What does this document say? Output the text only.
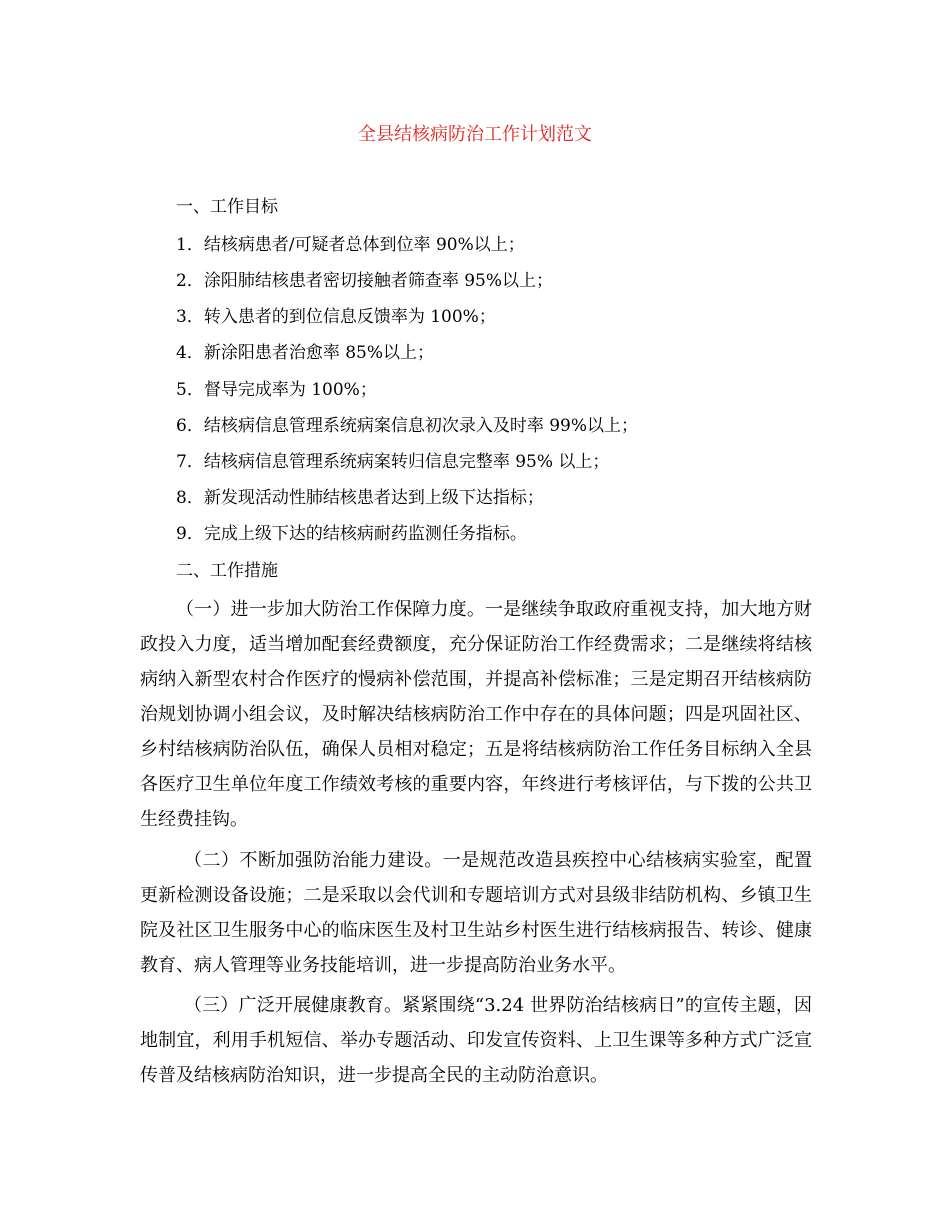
全县结核病防治工作计划范文
一、工作目标
1．结核病患者/可疑者总体到位率 90%以上；
2．涂阳肺结核患者密切接触者筛查率 95%以上；
3．转入患者的到位信息反馈率为 100%；
4．新涂阳患者治愈率 85%以上；
5．督导完成率为 100%；
6．结核病信息管理系统病案信息初次录入及时率 99%以上；
7．结核病信息管理系统病案转归信息完整率 95% 以上；
8．新发现活动性肺结核患者达到上级下达指标；
9．完成上级下达的结核病耐药监测任务指标。
二、工作措施
（一）进一步加大防治工作保障力度。一是继续争取政府重视支持，加大地方财政投入力度，适当增加配套经费额度，充分保证防治工作经费需求；二是继续将结核病纳入新型农村合作医疗的慢病补偿范围，并提高补偿标准；三是定期召开结核病防治规划协调小组会议，及时解决结核病防治工作中存在的具体问题；四是巩固社区、乡村结核病防治队伍，确保人员相对稳定；五是将结核病防治工作任务目标纳入全县各医疗卫生单位年度工作绩效考核的重要内容，年终进行考核评估，与下拨的公共卫生经费挂钩。
（二）不断加强防治能力建设。一是规范改造县疾控中心结核病实验室，配置更新检测设备设施；二是采取以会代训和专题培训方式对县级非结防机构、乡镇卫生院及社区卫生服务中心的临床医生及村卫生站乡村医生进行结核病报告、转诊、健康教育、病人管理等业务技能培训，进一步提高防治业务水平。
（三）广泛开展健康教育。紧紧围绕“3.24 世界防治结核病日”的宣传主题，因地制宜，利用手机短信、举办专题活动、印发宣传资料、上卫生课等多种方式广泛宣传普及结核病防治知识，进一步提高全民的主动防治意识。
